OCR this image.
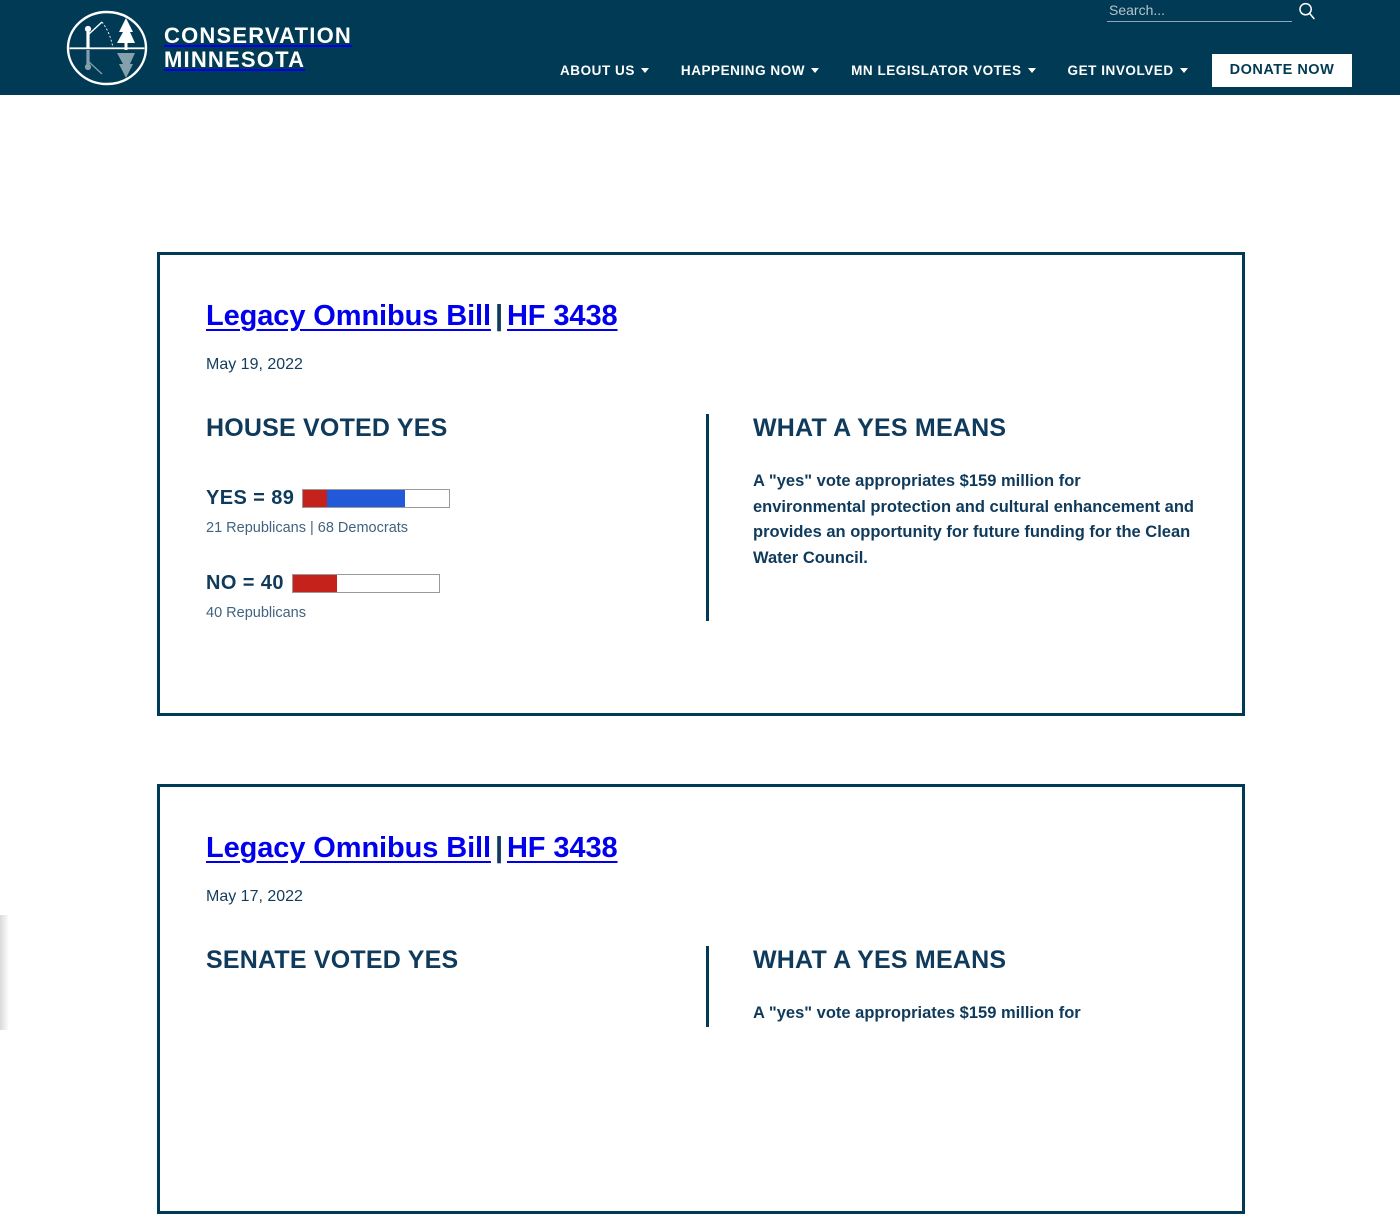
CONSERVATION
MINNESOTA
Search...	ABOUT US	HAPPENING NOW	MN LEGISLATOR VOTES	GET INVOLVED	DONATE NOW
Legacy Omnibus Bill | HF 3438
May 19, 2022
HOUSE VOTED YES
YES = 89
21 Republicans | 68 Democrats
NO = 40
40 Republicans
WHAT A YES MEANS

A "yes" vote appropriates $159 million for environmental protection and cultural enhancement and provides an opportunity for future funding for the Clean Water Council.

Legacy Omnibus Bill | HF 3438
May 17, 2022
SENATE VOTED YES	WHAT A YES MEANS

A "yes" vote appropriates $159 million for
